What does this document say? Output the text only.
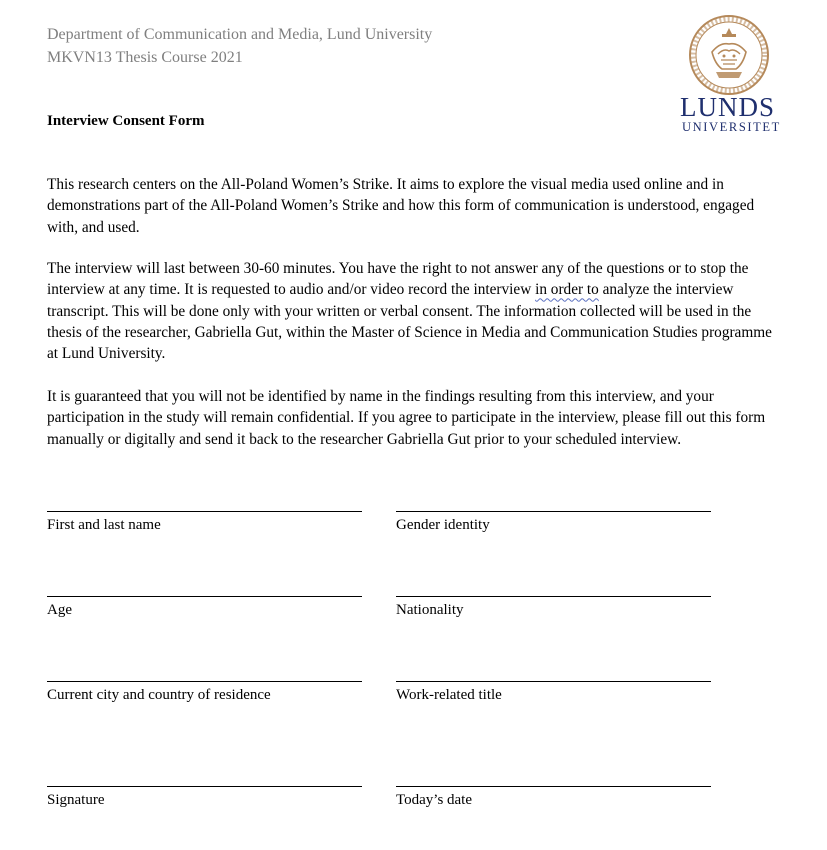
Department of Communication and Media, Lund University
MKVN13 Thesis Course 2021
LUNDS
UNIVERSITET
Interview Consent Form

This research centers on the All-Poland Women’s Strike. It aims to explore the visual media used online and in demonstrations part of the All-Poland Women’s Strike and how this form of communication is understood, engaged with, and used.

The interview will last between 30-60 minutes. You have the right to not answer any of the questions or to stop the interview at any time. It is requested to audio and/or video record the interview in order to analyze the interview transcript. This will be done only with your written or verbal consent. The information collected will be used in the thesis of the researcher, Gabriella Gut, within the Master of Science in Media and Communication Studies programme at Lund University.

It is guaranteed that you will not be identified by name in the findings resulting from this interview, and your participation in the study will remain confidential. If you agree to participate in the interview, please fill out this form manually or digitally and send it back to the researcher Gabriella Gut prior to your scheduled interview.

First and last name	Gender identity
Age	Nationality
Current city and country of residence	Work-related title
Signature	Today’s date
